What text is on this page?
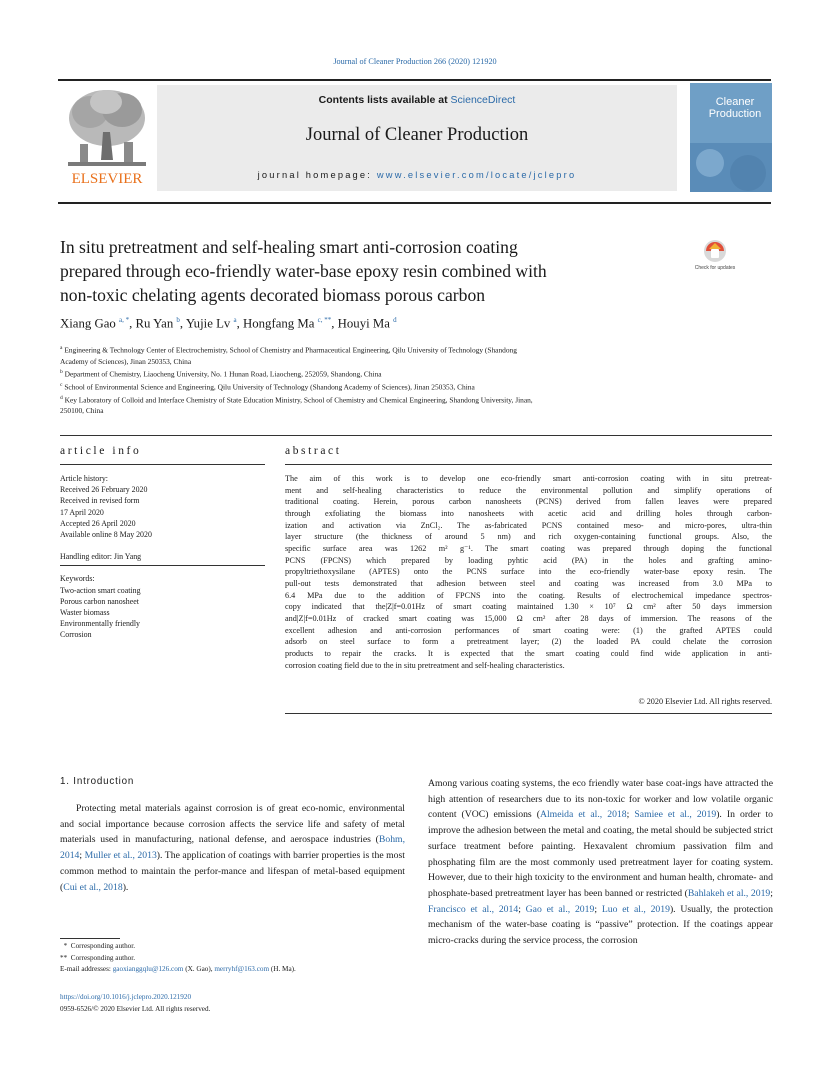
Journal of Cleaner Production 266 (2020) 121920
ELSEVIER
Cleaner
Production
Contents lists available at ScienceDirect
Journal of Cleaner Production
journal homepage: www.elsevier.com/locate/jclepro
In situ pretreatment and self-healing smart anti-corrosion coating
prepared through eco-friendly water-base epoxy resin combined with
non-toxic chelating agents decorated biomass porous carbon
Check for updates
Xiang Gao $^{a, *}$, Ru Yan $^b$, Yujie Lv $^a$, Hongfang Ma $^{c, **}$, Houyi Ma $^d$
$^a$ Engineering & Technology Center of Electrochemistry, School of Chemistry and Pharmaceutical Engineering, Qilu University of Technology (Shandong
Academy of Sciences), Jinan 250353, China
$^b$ Department of Chemistry, Liaocheng University, No. 1 Hunan Road, Liaocheng, 252059, Shandong, China
$^c$ School of Environmental Science and Engineering, Qilu University of Technology (Shandong Academy of Sciences), Jinan 250353, China
$^d$ Key Laboratory of Colloid and Interface Chemistry of State Education Ministry, School of Chemistry and Chemical Engineering, Shandong University, Jinan,
250100, China
article info	abstract
Article history:
Received 26 February 2020
Received in revised form
17 April 2020
Accepted 26 April 2020
Available online 8 May 2020
Handling editor: Jin Yang
Keywords:
Two-action smart coating
Porous carbon nanosheet
Waster biomass
Environmentally friendly
Corrosion
The aim of this work is to develop one eco-friendly smart anti-corrosion coating with in situ pretreat-
ment and self-healing characteristics to reduce the environmental pollution and simplify operations of
traditional coating. Herein, porous carbon nanosheets (PCNS) derived from fallen leaves were prepared
through exfoliating the biomass into nanosheets with acetic acid and drilling holes through carbon-
ization and activation via ZnCl₂. The as-fabricated PCNS contained meso- and micro-pores, ultra-thin
layer structure (the thickness of around 5 nm) and rich oxygen-containing functional groups. Also, the
specific surface area was 1262 m² g⁻¹. The smart coating was prepared through doping the functional
PCNS (FPCNS) which prepared by loading pyhtic acid (PA) in the holes and grafting amino-
propyltriethoxysilane (APTES) onto the PCNS surface into the eco-friendly water-base epoxy resin. The
pull-out tests demonstrated that adhesion between steel and coating was increased from 3.0 MPa to
6.4 MPa due to the addition of FPCNS into the coating. Results of electrochemical impedance spectros-
copy indicated that the|Z|f=0.01Hz of smart coating maintained 1.30 × 10⁷ Ω cm² after 50 days immersion
and|Z|f=0.01Hz of cracked smart coating was 15,000 Ω cm² after 28 days of immersion. The reasons of the
excellent adhesion and anti-corrosion performances of smart coating were: (1) the grafted APTES could
adsorb on steel surface to form a pretreatment layer; (2) the loaded PA could chelate the corrosion
products to repair the cracks. It is expected that the smart coating could find wide application in anti-
corrosion coating field due to the in situ pretreatment and self-healing characteristics.
© 2020 Elsevier Ltd. All rights reserved.
1. Introduction
Protecting metal materials against corrosion is of great eco-nomic, environmental and social importance because corrosion affects the service life and safety of metal materials used in manufacturing, national defense, and aerospace industries (Bohm, 2014; Muller et al., 2013). The application of coatings with barrier properties is the most common method to maintain the perfor-mance and lifespan of metal-based equipment (Cui et al., 2018).
Among various coating systems, the eco friendly water base coat-ings have attracted the high attention of researchers due to its non-toxic for worker and low volatile organic content (VOC) emissions (Almeida et al., 2018; Samiee et al., 2019). In order to improve the adhesion between the metal and coating, the metal should be subjected strict surface treatment before painting. Hexavalent chromium passivation film and phosphating film are the most commonly used pretreatment layer for coating system. However, due to their high toxicity to the environment and human health, chromate- and phosphate-based pretreatment layer has been banned or restricted (Bahlakeh et al., 2019; Francisco et al., 2014; Gao et al., 2019; Luo et al., 2019). Usually, the protection mechanism of the water-base coating is “passive” protection. If the coatings appear micro-cracks during the service process, the corrosion
*  Corresponding author.
**  Corresponding author.
E-mail addresses: gaoxianggqlu@126.com (X. Gao), merryhf@163.com (H. Ma).
https://doi.org/10.1016/j.jclepro.2020.121920
0959-6526/© 2020 Elsevier Ltd. All rights reserved.
